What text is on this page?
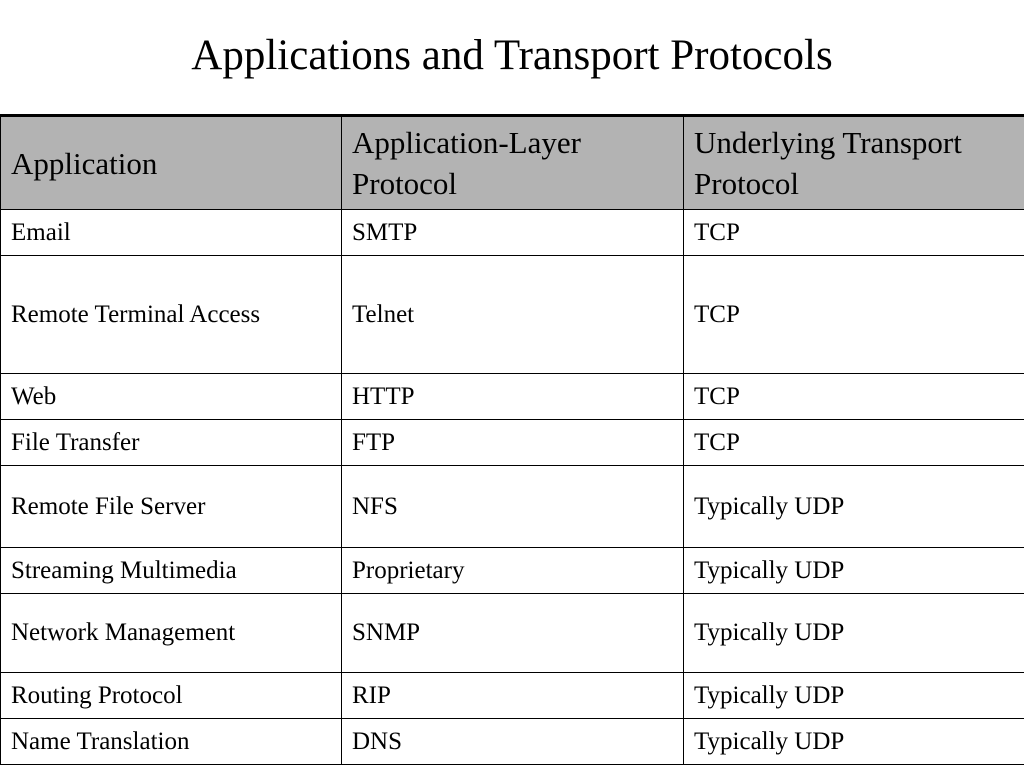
Applications and Transport Protocols
Application	Application-Layer Protocol	Underlying Transport Protocol
Email	SMTP	TCP
Remote Terminal Access	Telnet	TCP
Web	HTTP	TCP
File Transfer	FTP	TCP
Remote File Server	NFS	Typically UDP
Streaming Multimedia	Proprietary	Typically UDP
Network Management	SNMP	Typically UDP
Routing Protocol	RIP	Typically UDP
Name Translation	DNS	Typically UDP
